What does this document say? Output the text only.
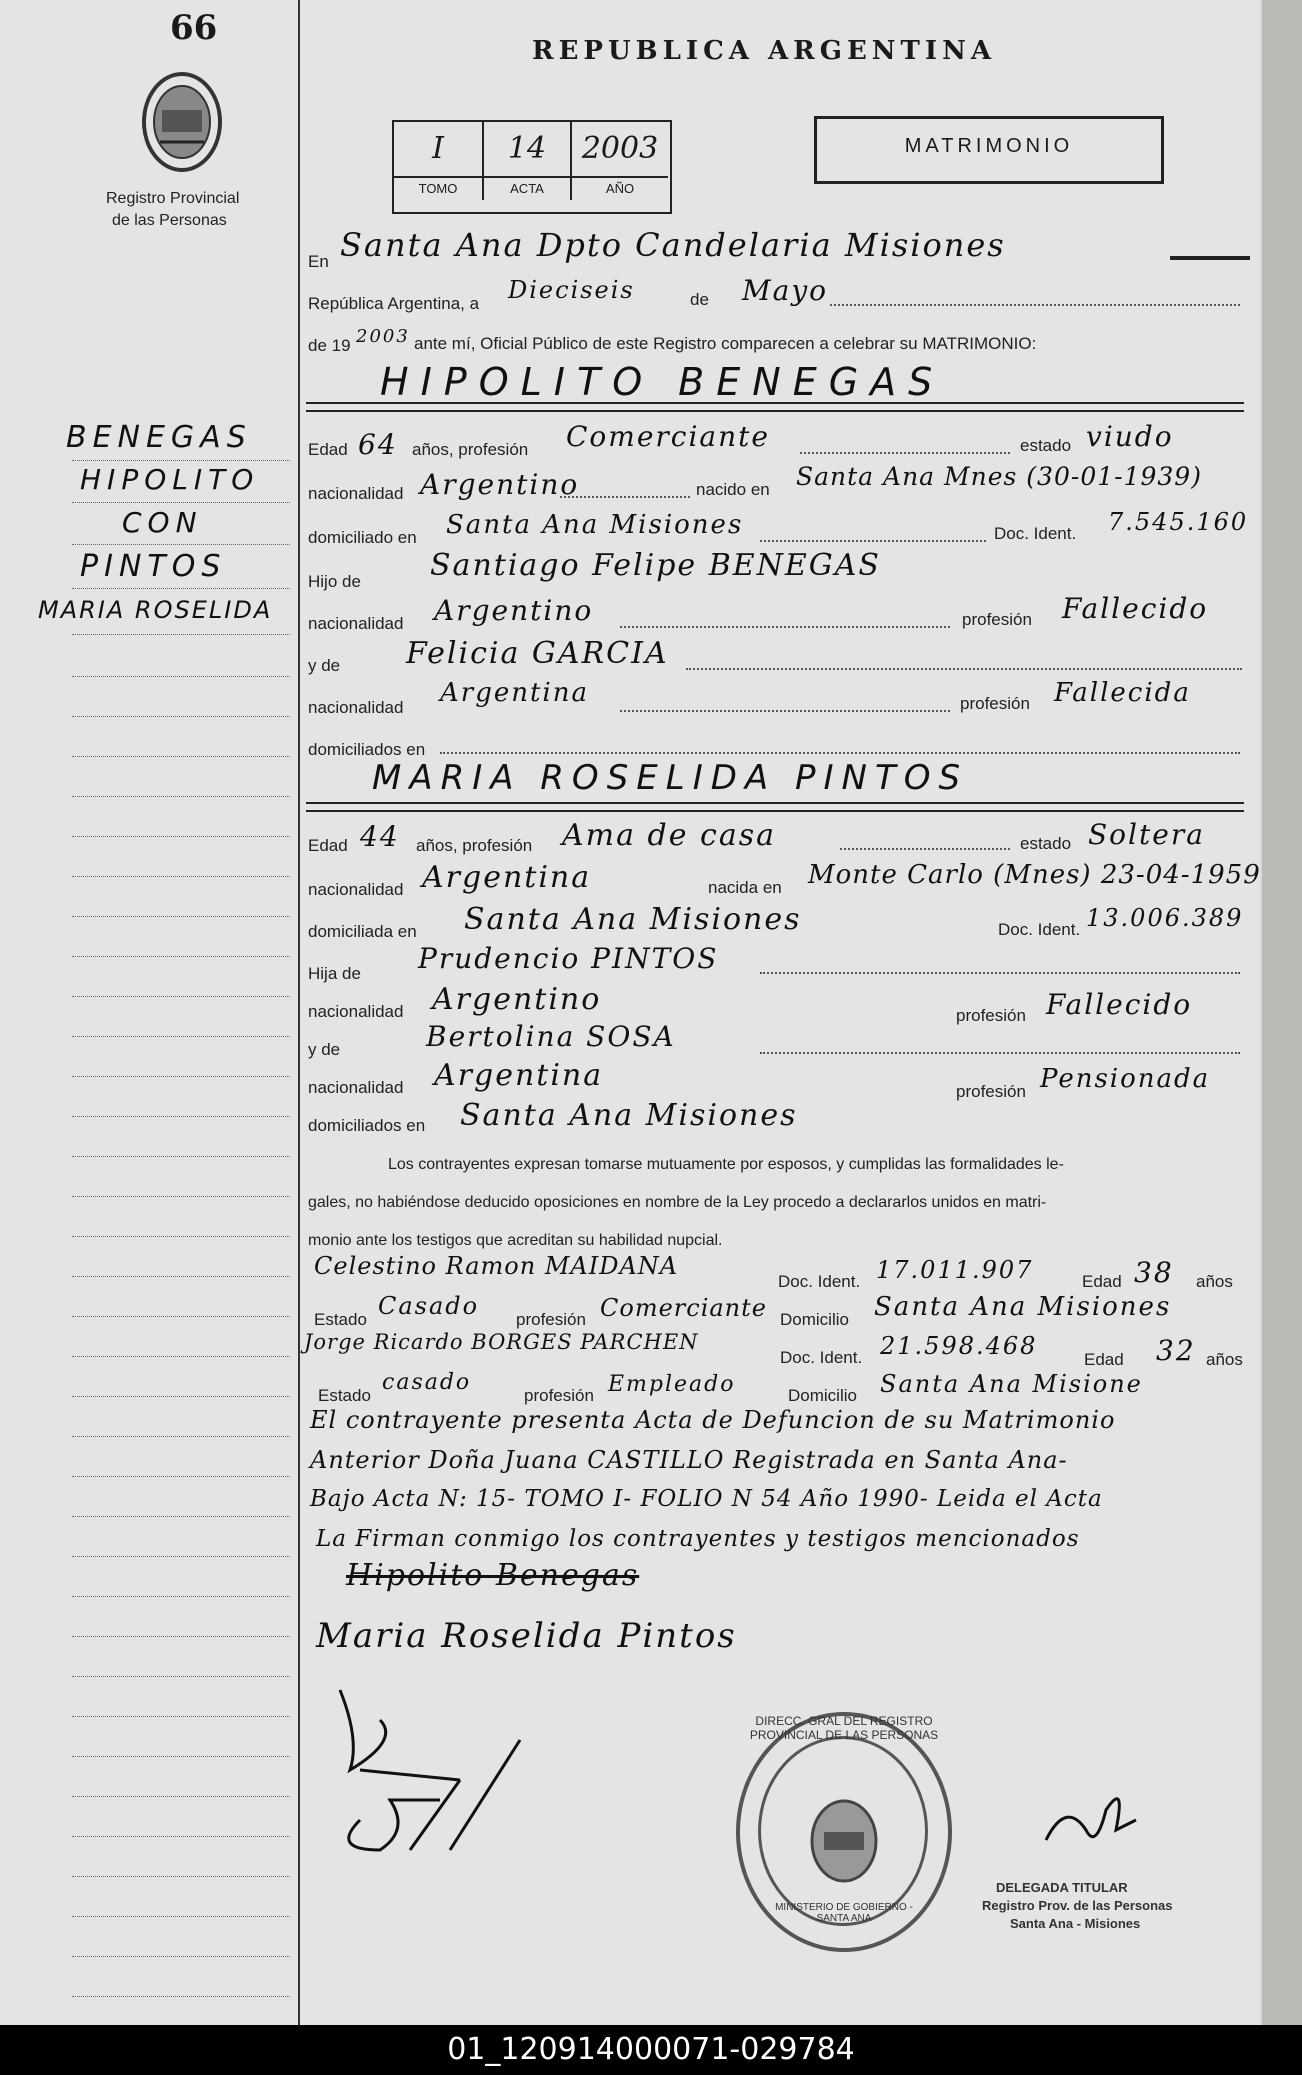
66
Registro Provincial
de las Personas
BENEGAS
HIPOLITO
CON
PINTOS
MARIA ROSELIDA
REPUBLICA ARGENTINA
I	14	2003
TOMO	ACTA	AÑO
MATRIMONIO
En Santa Ana Dpto Candelaria Misiones
República Argentina, a Dieciseis	de Mayo
de 19 2003 ante mí, Oficial Público de este Registro comparecen a celebrar su MATRIMONIO:
HIPOLITO BENEGAS
Edad 64 años, profesión Comerciante	estado viudo
nacionalidad Argentino	nacido en Santa Ana Mnes (30-01-1939)
domiciliado en Santa Ana Misiones	Doc. Ident. 7.545.160
Hijo de Santiago Felipe BENEGAS
nacionalidad Argentino	profesión Fallecido
y de Felicia GARCIA
nacionalidad Argentina	profesión Fallecida
domiciliados en
MARIA ROSELIDA PINTOS
Edad 44 años, profesión Ama de casa	estado Soltera
nacionalidad Argentina	nacida en Monte Carlo (Mnes) 23-04-1959
domiciliada en Santa Ana Misiones	Doc. Ident. 13.006.389
Hija de Prudencio PINTOS
nacionalidad Argentino	profesión Fallecido
y de	Bertolina SOSA
nacionalidad Argentina	profesión Pensionada
domiciliados en Santa Ana Misiones
Los contrayentes expresan tomarse mutuamente por esposos, y cumplidas las formalidades le-
gales, no habiéndose deducido oposiciones en nombre de la Ley procedo a declararlos unidos en matri-
monio ante los testigos que acreditan su habilidad nupcial.
Celestino Ramon MAIDANA
Doc. Ident. 17.011.907	Edad 38 años
Estado Casado profesión Comerciante Domicilio Santa Ana Misiones
Jorge Ricardo BORGES PARCHEN
Doc. Ident. 21.598.468	Edad 32 años
Estado
casado
profesión Empleado	Domicilio Santa Ana Misione
El contrayente presenta Acta de Defuncion de su Matrimonio
Anterior Doña Juana CASTILLO Registrada en Santa Ana-
Bajo Acta N: 15- TOMO I- FOLIO N 54 Año 1990- Leida el Acta
La Firman conmigo los contrayentes y testigos mencionados
Hipolito Benegas
Maria Roselida Pintos
DIRECC. GRAL DEL REGISTRO PROVINCIAL DE LAS PERSONAS
MINISTERIO DE GOBIERNO - SANTA ANA
DELEGADA TITULAR
Registro Prov. de las Personas
Santa Ana - Misiones
01_120914000071-029784
